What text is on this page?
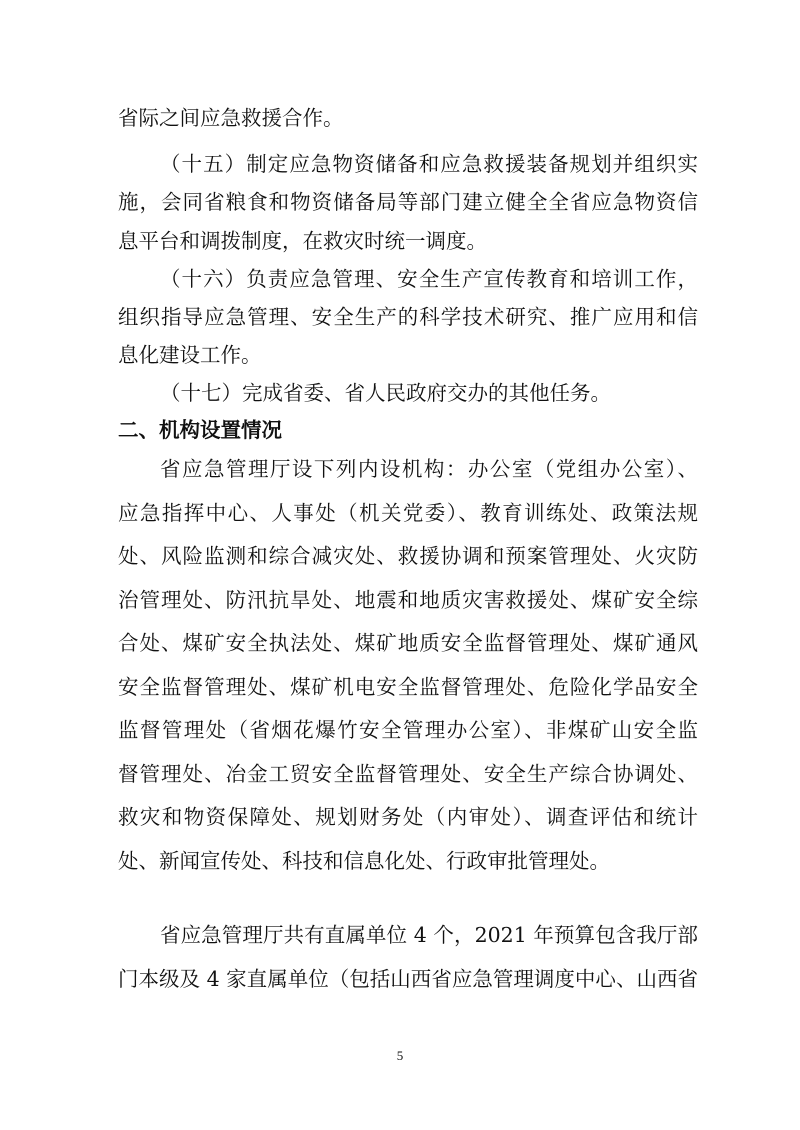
省际之间应急救援合作。
（十五）制定应急物资储备和应急救援装备规划并组织实
施，会同省粮食和物资储备局等部门建立健全全省应急物资信
息平台和调拨制度，在救灾时统一调度。
（十六）负责应急管理、安全生产宣传教育和培训工作，
组织指导应急管理、安全生产的科学技术研究、推广应用和信
息化建设工作。
（十七）完成省委、省人民政府交办的其他任务。
二、机构设置情况
省应急管理厅设下列内设机构：办公室（党组办公室）、
应急指挥中心、人事处（机关党委）、教育训练处、政策法规
处、风险监测和综合减灾处、救援协调和预案管理处、火灾防
治管理处、防汛抗旱处、地震和地质灾害救援处、煤矿安全综
合处、煤矿安全执法处、煤矿地质安全监督管理处、煤矿通风
安全监督管理处、煤矿机电安全监督管理处、危险化学品安全
监督管理处（省烟花爆竹安全管理办公室）、非煤矿山安全监
督管理处、冶金工贸安全监督管理处、安全生产综合协调处、
救灾和物资保障处、规划财务处（内审处）、调查评估和统计
处、新闻宣传处、科技和信息化处、行政审批管理处。
省应急管理厅共有直属单位 4 个，2021 年预算包含我厅部
门本级及 4 家直属单位（包括山西省应急管理调度中心、山西省
5
